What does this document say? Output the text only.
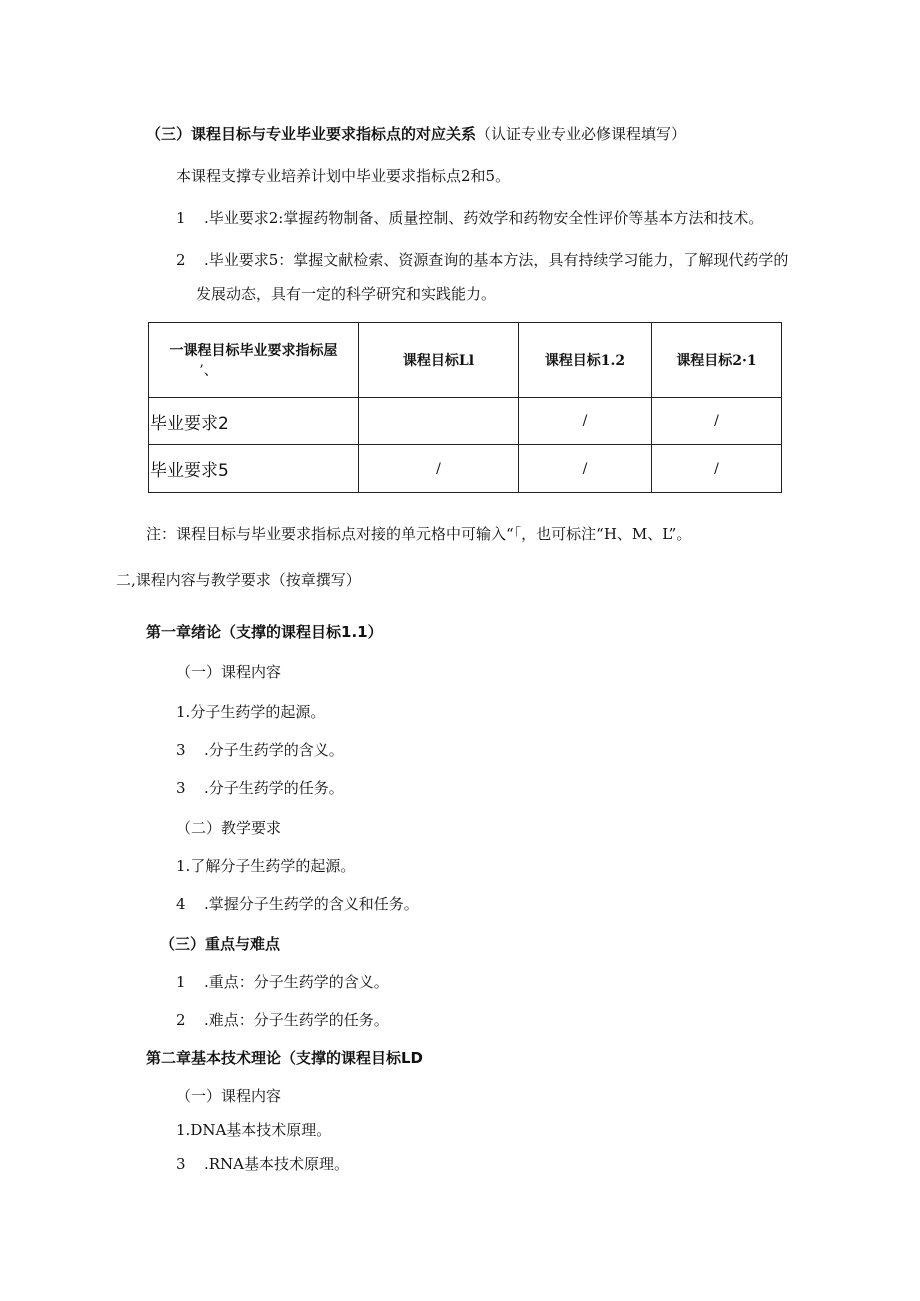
（三）课程目标与专业毕业要求指标点的对应关系（认证专业专业必修课程填写）
本课程支撑专业培养计划中毕业要求指标点2和5。
1 .毕业要求2:掌握药物制备、质量控制、药效学和药物安全性评价等基本方法和技术。
2 .毕业要求5：掌握文献检索、资源查询的基本方法，具有持续学习能力，了解现代药学的
发展动态，具有一定的科学研究和实践能力。
一课程目标毕业要求指标屋
’、	课程目标Ll	课程目标1.2	课程目标2·1
毕业要求2		/	/
毕业要求5	/	/	/
注：课程目标与毕业要求指标点对接的单元格中可输入“「，也可标注“H、M、L”。
二,课程内容与教学要求（按章撰写）
第一章绪论（支撑的课程目标1.1）
（一）课程内容
1.分子生药学的起源。
3 .分子生药学的含义。
3 .分子生药学的任务。
（二）教学要求
1.了解分子生药学的起源。
4 .掌握分子生药学的含义和任务。
（三）重点与难点
1 .重点：分子生药学的含义。
2 .难点：分子生药学的任务。
第二章基本技术理论（支撑的课程目标LD
（一）课程内容
1.DNA基本技术原理。
3 .RNA基本技术原理。
